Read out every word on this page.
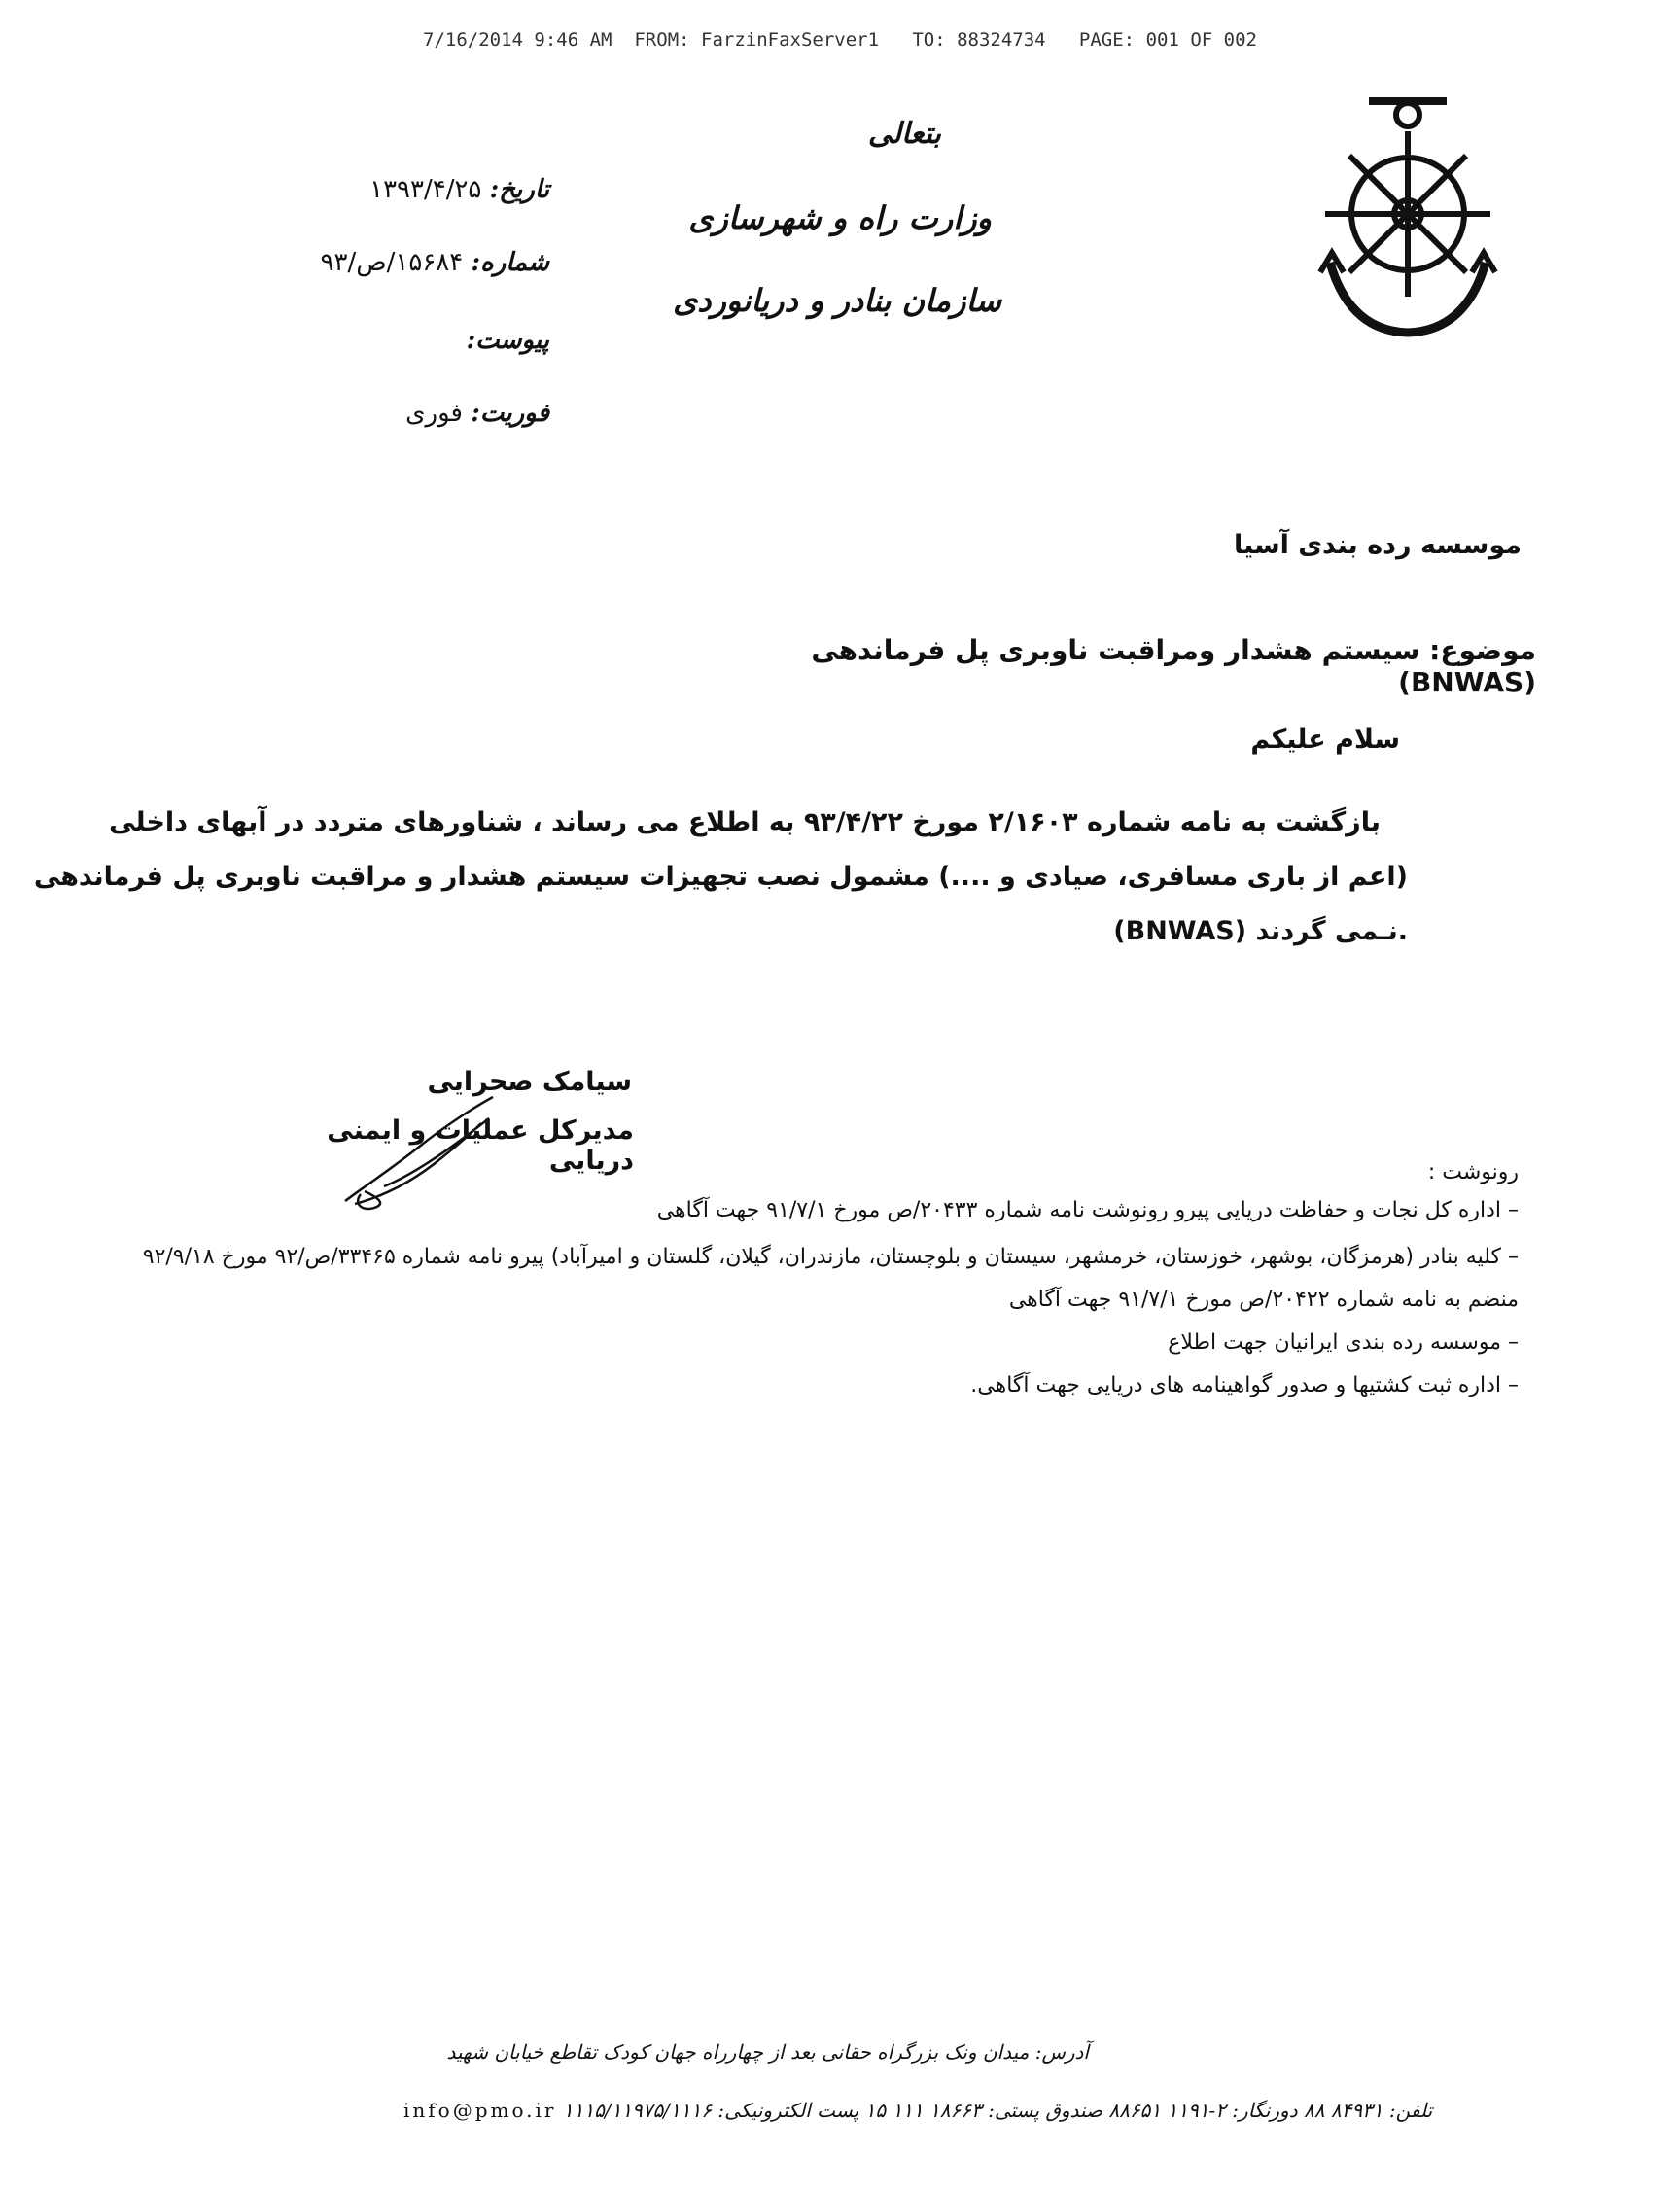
7/16/2014 9:46 AM  FROM: FarzinFaxServer1   TO: 88324734   PAGE: 001 OF 002
بتعالی
وزارت راه و شهرسازی
سازمان بنادر و دریانوردی
تاریخ: ۱۳۹۳/۴/۲۵
شماره: ۱۵۶۸۴/ص/۹۳
پیوست:
فوریت: فوری
موسسه رده بندی آسیا
موضوع: سیستم هشدار ومراقبت ناوبری پل فرماندهی (BNWAS)
سلام علیکم
بازگشت به نامه شماره ۲/۱۶۰۳ مورخ ۹۳/۴/۲۲ به اطلاع می رساند ، شناورهای متردد در آبهای داخلی
(اعم از باری مسافری، صیادی و ....) مشمول نصب تجهیزات سیستم هشدار و مراقبت ناوبری پل فرماندهی
(BNWAS) نـمی گردند.
سیامک صحرایی
مدیرکل عملیات و ایمنی دریایی	رونوشت :
– اداره کل نجات و حفاظت دریایی پیرو رونوشت نامه شماره ۲۰۴۳۳/ص مورخ ۹۱/۷/۱ جهت آگاهی
– کلیه بنادر (هرمزگان، بوشهر، خوزستان، خرمشهر، سیستان و بلوچستان، مازندران، گیلان، گلستان و امیرآباد) پیرو نامه شماره ۳۳۴۶۵/ص/۹۲ مورخ ۹۲/۹/۱۸
منضم به نامه شماره ۲۰۴۲۲/ص مورخ ۹۱/۷/۱ جهت آگاهی
– موسسه رده بندی ایرانیان جهت اطلاع
– اداره ثبت کشتیها و صدور گواهینامه های دریایی جهت آگاهی.
آدرس: میدان ونک بزرگراه حقانی بعد از چهارراه جهان کودک تقاطع خیابان شهید
info@pmo.ir تلفن: ۸۴۹۳۱ ۸۸ دورنگار: ۲-۱۱۹۱ ۸۸۶۵۱ صندوق پستی: ۱۸۶۶۳ ۱۱۱ ۱۵ پست الکترونیکی: ۱۱۱۵/۱۱۹۷۵/۱۱۱۶
